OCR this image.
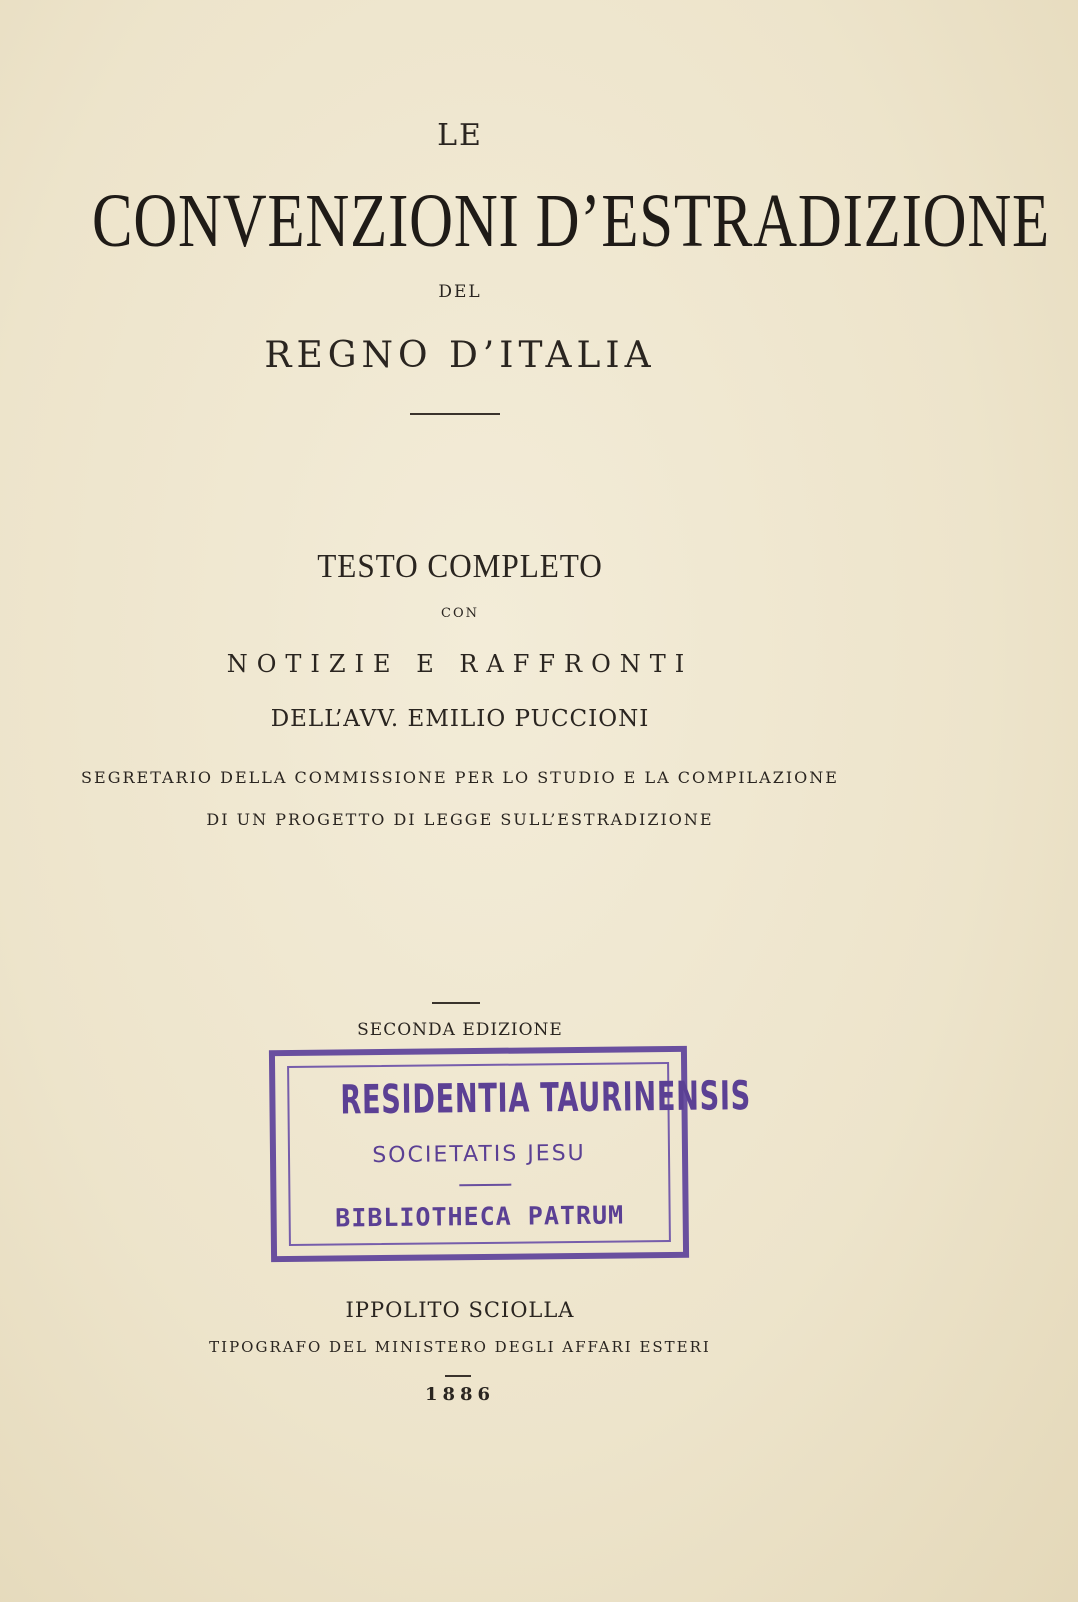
LE
CONVENZIONI D’ESTRADIZIONE
DEL
REGNO D’ITALIA
TESTO COMPLETO
CON
NOTIZIE E RAFFRONTI
DELL’AVV. EMILIO PUCCIONI
SEGRETARIO DELLA COMMISSIONE PER LO STUDIO E LA COMPILAZIONE
DI UN PROGETTO DI LEGGE SULL’ESTRADIZIONE
SECONDA EDIZIONE
RESIDENTIA TAURINENSIS
SOCIETATIS JESU
BIBLIOTHECA PATRUM
IPPOLITO SCIOLLA
TIPOGRAFO DEL MINISTERO DEGLI AFFARI ESTERI
1886
